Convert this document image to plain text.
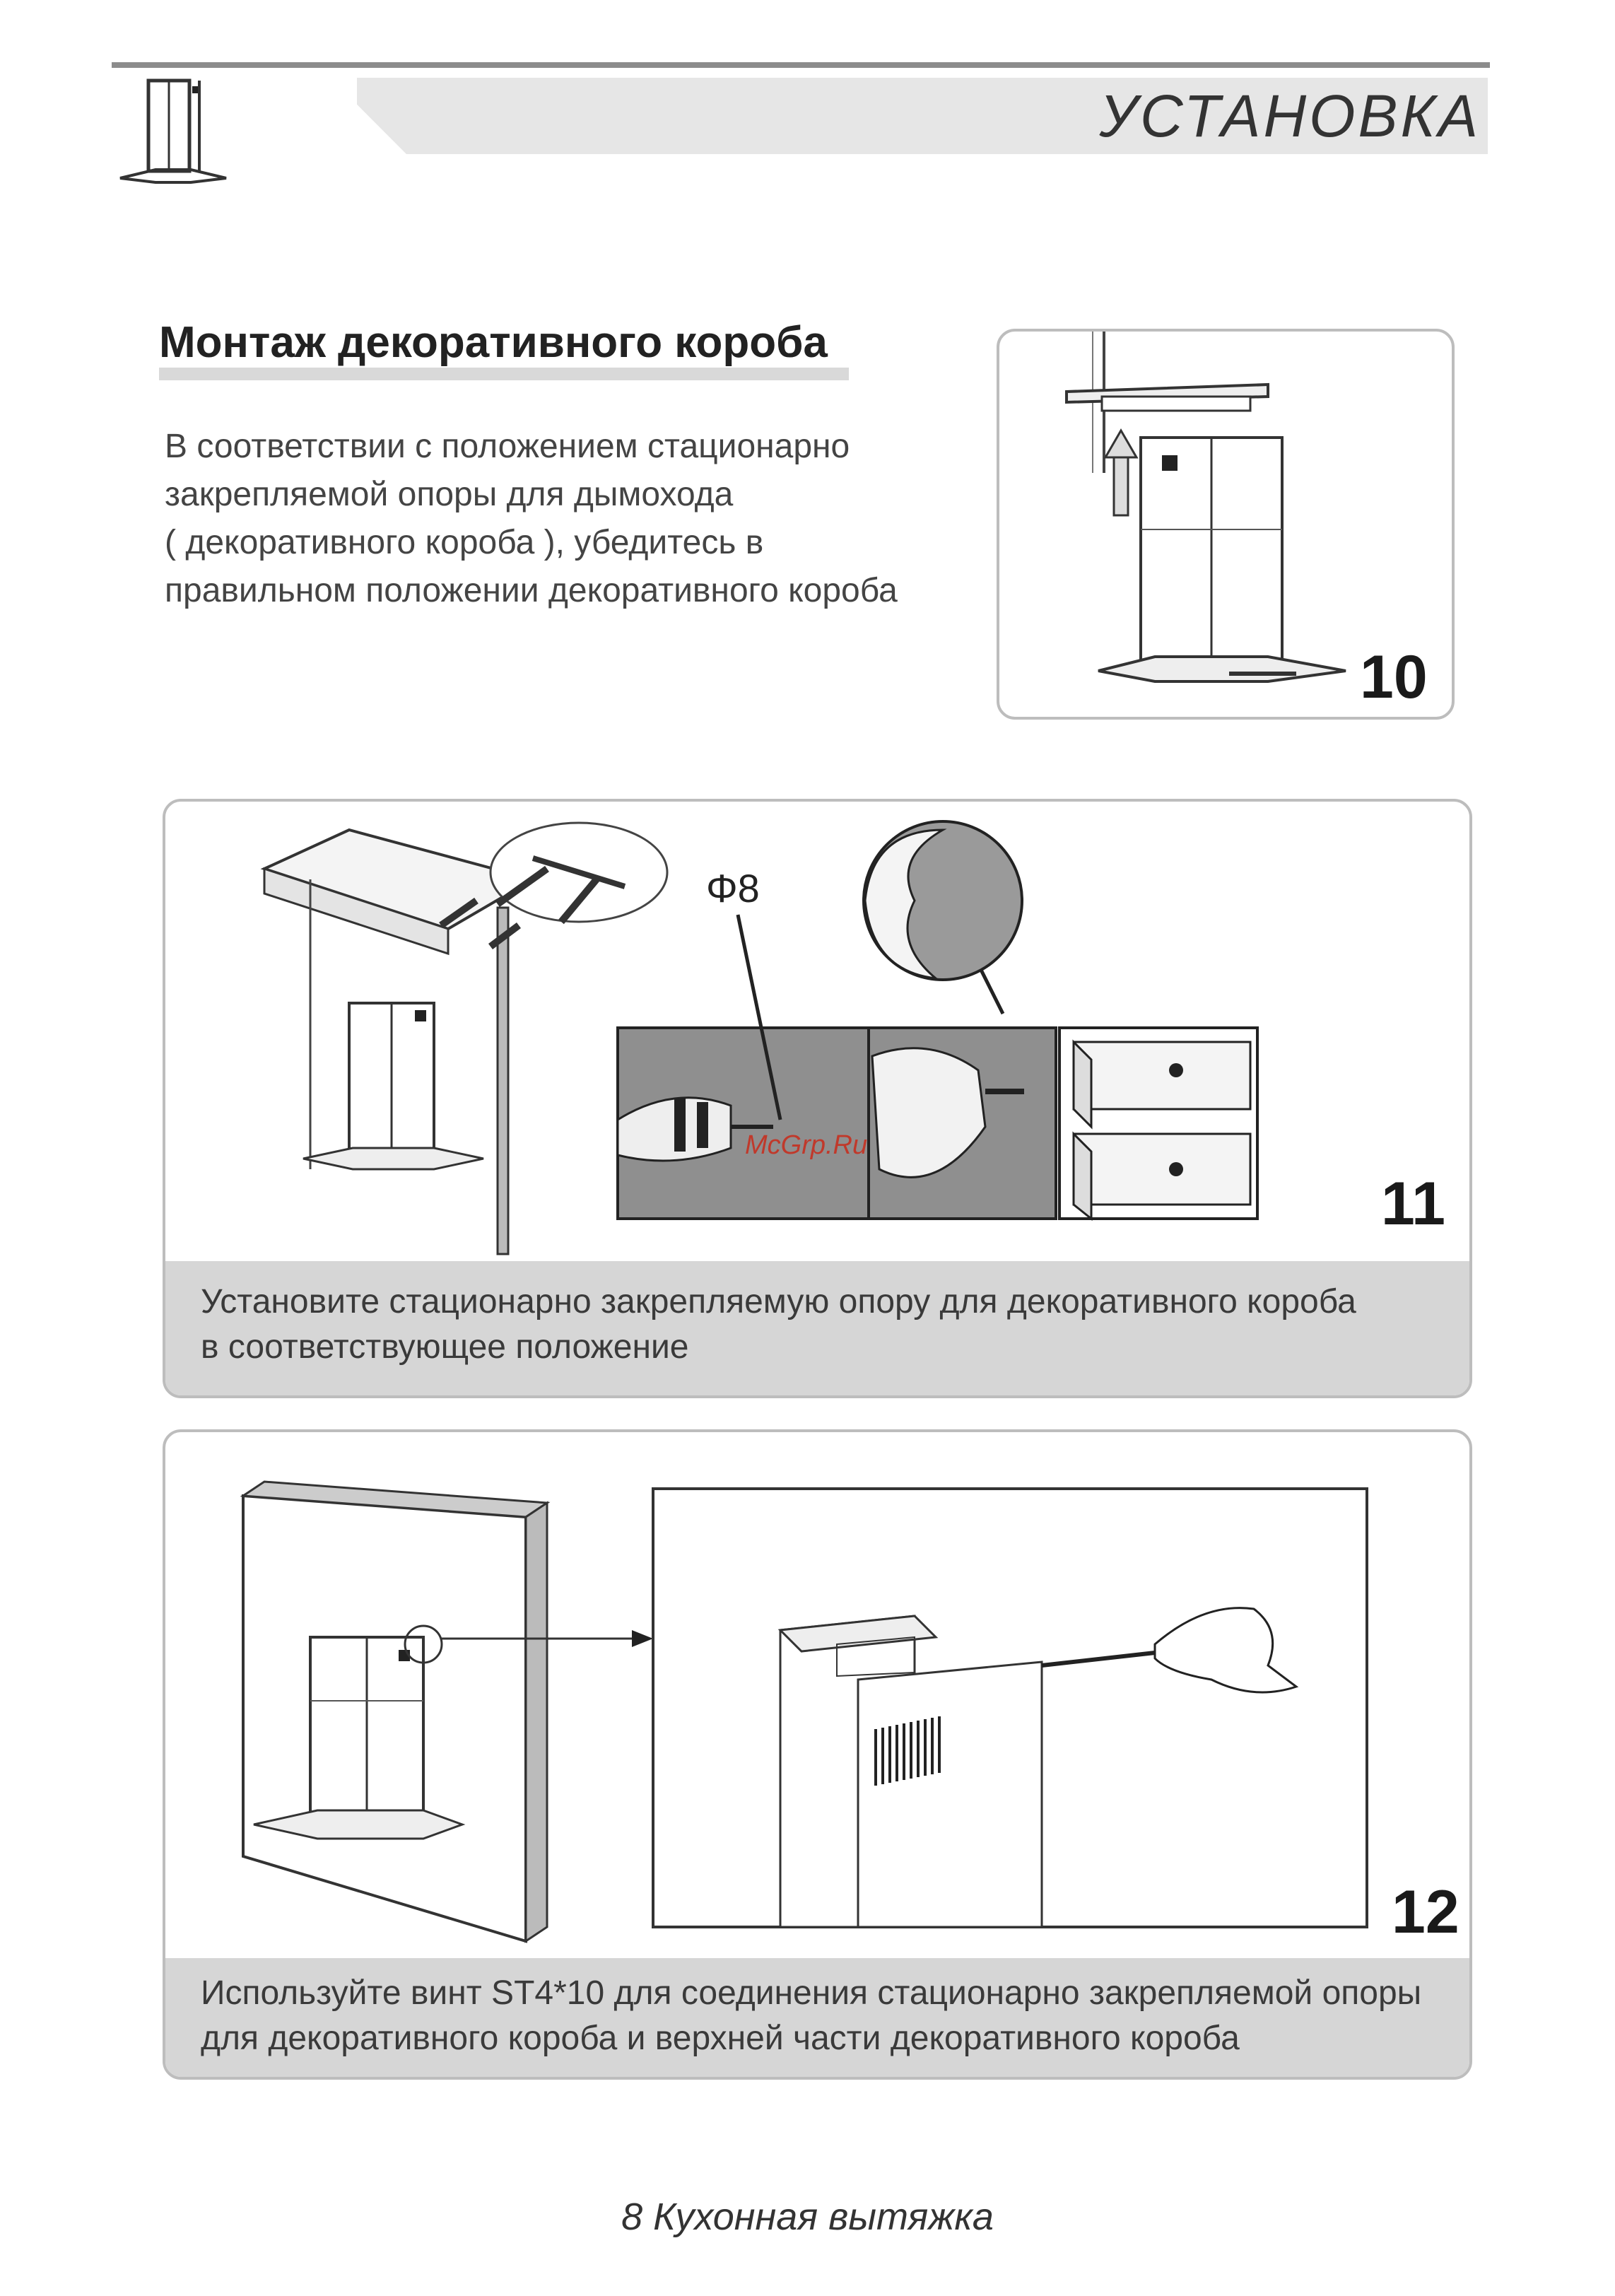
УСТАНОВКА
Монтаж декоративного короба
В соответствии с положением стационарно
закрепляемой опоры для дымохода
( декоративного короба ), убедитесь в
правильном положении декоративного короба
10
Φ8
McGrp.Ru
11
Установите стационарно закрепляемую опору для декоративного короба
в соответствующее положение
12
Используйте винт ST4*10 для соединения стационарно закрепляемой опоры
для декоративного короба и верхней части декоративного короба
8 Кухонная вытяжка
